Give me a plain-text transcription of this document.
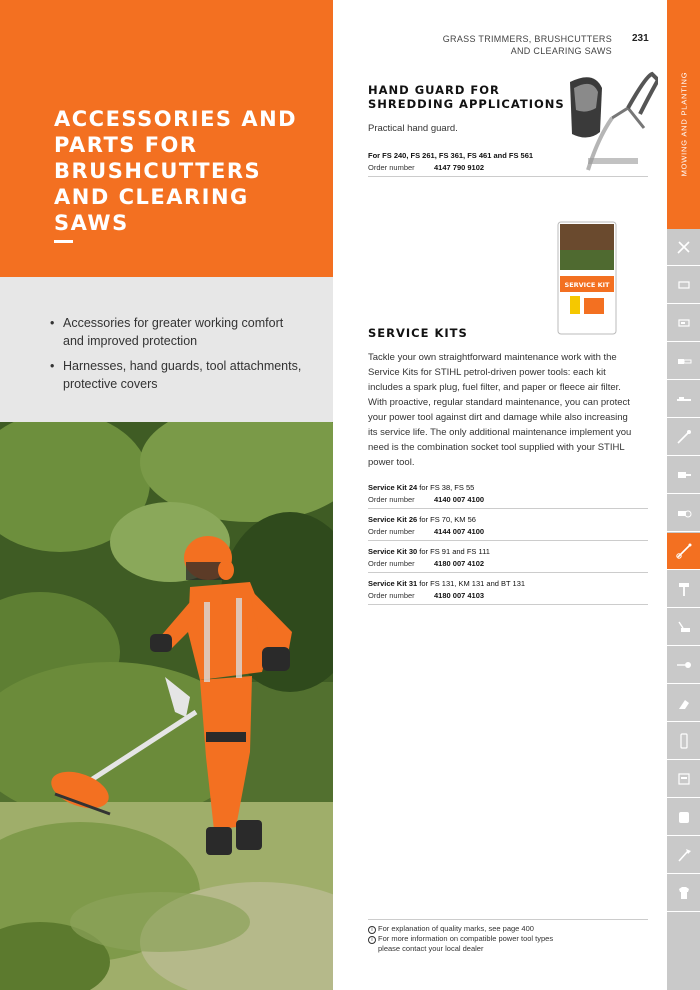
ACCESSORIES AND PARTS FOR BRUSHCUTTERS AND CLEARING SAWS
• Accessories for greater working comfort and improved protection
• Harnesses, hand guards, tool attachments, protective covers
GRASS TRIMMERS, BRUSHCUTTERS
AND CLEARING SAWS
231
MOWING AND PLANTING
HAND GUARD FOR
SHREDDING APPLICATIONS
Practical hand guard.
For FS 240, FS 261, FS 361, FS 461 and FS 561
Order number	4147 790 9102
SERVICE KIT
SERVICE KITS
Tackle your own straightforward maintenance work with the
Service Kits for STIHL petrol-driven power tools: each kit
includes a spark plug, fuel filter, and paper or fleece air filter.
With proactive, regular standard maintenance, you can protect
your power tool against dirt and damage while also increasing
its service life. The only additional maintenance implement you
need is the combination socket tool supplied with your STIHL
power tool.
Service Kit 24 for FS 38, FS 55
Order number	4140 007 4100
Service Kit 26 for FS 70, KM 56
Order number	4144 007 4100
Service Kit 30 for FS 91 and FS 111
Order number	4180 007 4102
Service Kit 31 for FS 131, KM 131 and BT 131
Order number	4180 007 4103
i For explanation of quality marks, see page 400
i For more information on compatible power tool types
please contact your local dealer
